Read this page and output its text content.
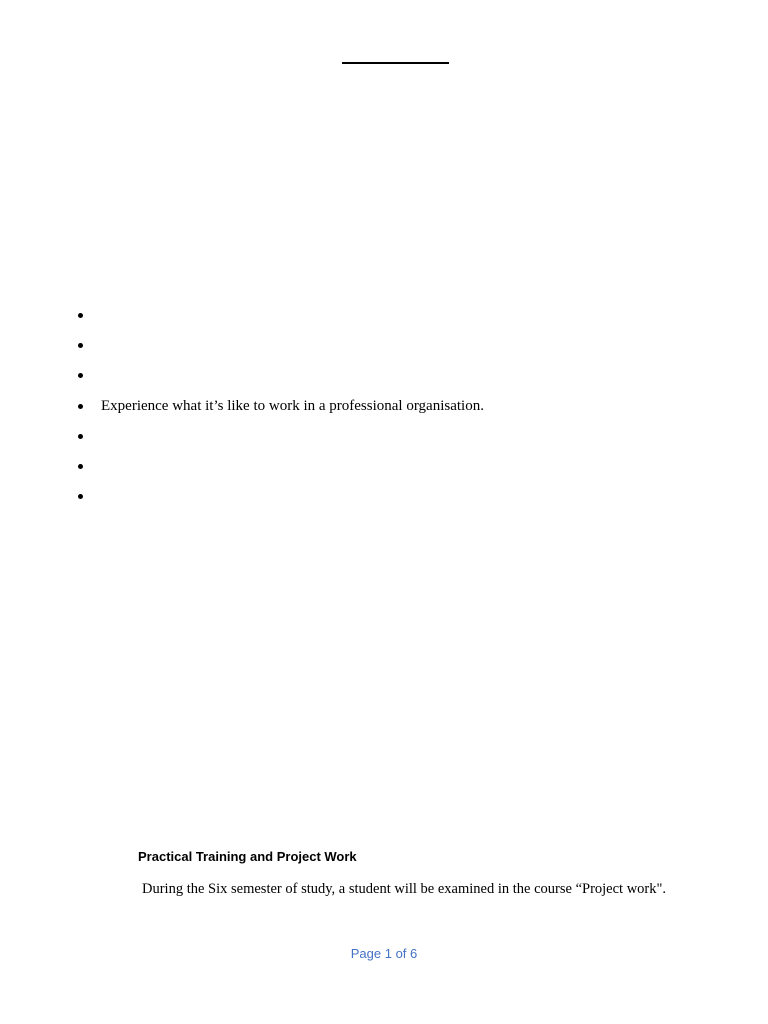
Experience what it’s like to work in a professional organisation.
Practical Training and Project Work

During the Six semester of study, a student will be examined in the course “Project work".

Page 1 of 6
